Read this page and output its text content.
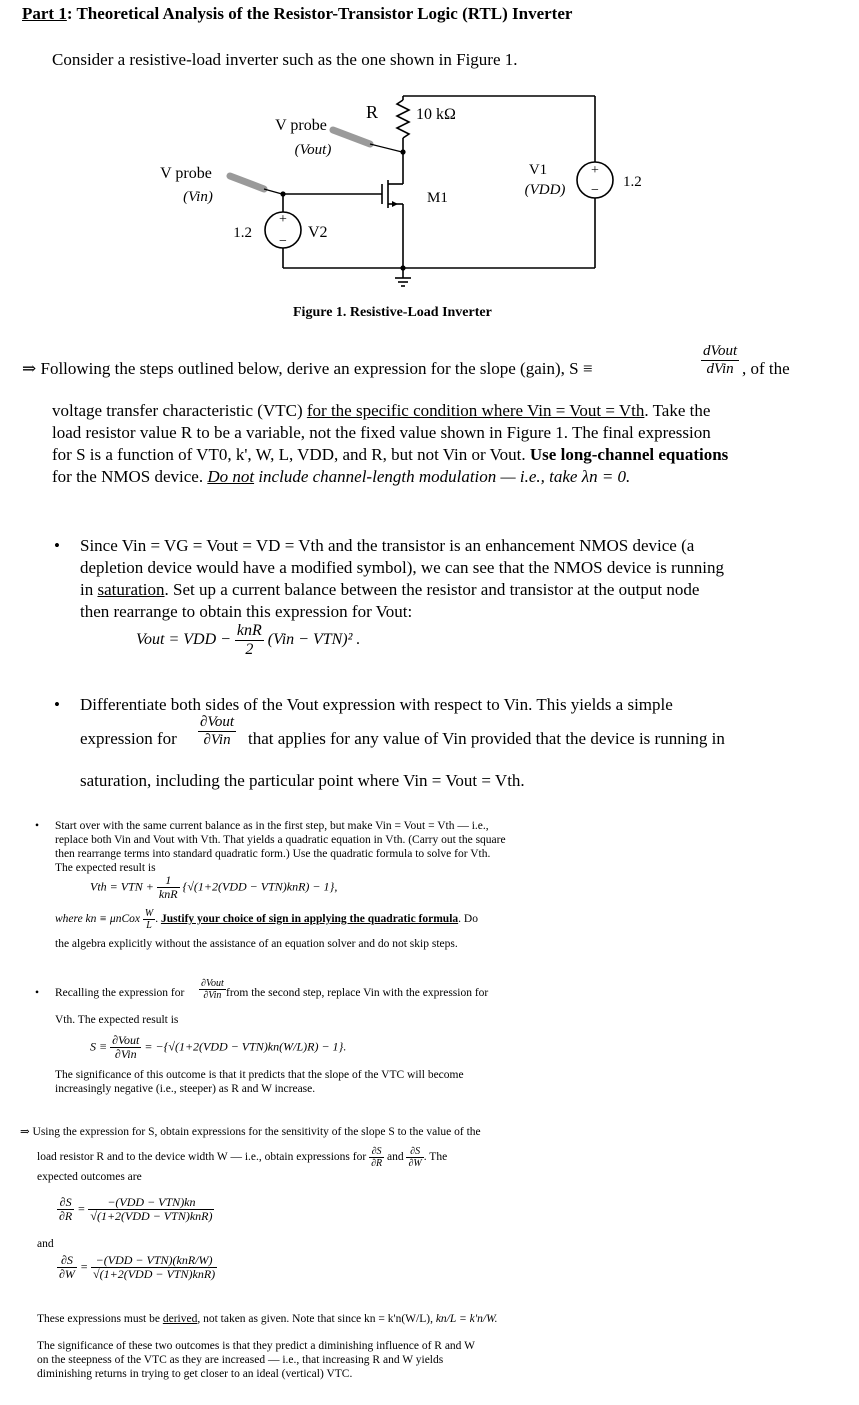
Part 1: Theoretical Analysis of the Resistor-Transistor Logic (RTL) Inverter
Consider a resistive-load inverter such as the one shown in Figure 1.
+
−
+
−
R 10 kΩ
V probe
(Vout)
V probe
(Vin)
V1
(VDD)	1.2
M1
V2
1.2
Figure 1. Resistive-Load Inverter
⇒ Following the steps outlined below, derive an expression for the slope (gain), S ≡	$\frac{\text{dVout}}{\text{dVin}}$ , of the
voltage transfer characteristic (VTC) for the specific condition where Vin = Vout = Vth. Take the
load resistor value R to be a variable, not the fixed value shown in Figure 1. The final expression
for S is a function of VT0, k', W, L, VDD, and R, but not Vin or Vout. Use long-channel equations
for the NMOS device. Do not include channel-length modulation — i.e., take λn = 0.
• Since Vin = VG = Vout = VD = Vth and the transistor is an enhancement NMOS device (a
depletion device would have a modified symbol), we can see that the NMOS device is running
in saturation. Set up a current balance between the resistor and transistor at the output node
then rearrange to obtain this expression for Vout:
Vout = VDD − $\frac{\text{knR}}{2} (Vin - VTN)^2$ .
• Differentiate both sides of the Vout expression with respect to Vin. This yields a simple
expression for $\frac{\text{∂Vout}}{\text{∂Vin}}$ that applies for any value of Vin provided that the device is running in
saturation, including the particular point where Vin = Vout = Vth.
•	Start over with the same current balance as in the first step, but make Vin = Vout = Vth — i.e.,
replace both Vin and Vout with Vth. That yields a quadratic equation in Vth. (Carry out the square
then rearrange terms into standard quadratic form.) Use the quadratic formula to solve for Vth.
The expected result is
Vth = VTN + $\frac{1}{\text{knR}} \{√(1+2(VDD - VTN)knR) - 1\}$,
where kn ≡ μnCox $\frac{W}{L}$ . Justify your choice of sign in applying the quadratic formula. Do
the algebra explicitly without the assistance of an equation solver and do not skip steps.
•	Recalling the expression for $\frac{\text{∂Vout}}{\text{∂Vin}}$ from the second step, replace Vin with the expression for
Vth. The expected result is
$S \equiv \frac{\text{∂Vout}}{\text{∂Vin}} = -\{√(1+2(VDD - VTN)kn(W/L)R) - 1\}$.
The significance of this outcome is that it predicts that the slope of the VTC will become
increasingly negative (i.e., steeper) as R and W increase.
⇒ Using the expression for S, obtain expressions for the sensitivity of the slope S to the value of the
load resistor R and to the device width W — i.e., obtain expressions for $\frac{\partial S}{\partial R}$ and $\frac{\partial S}{\partial W}$ . The
expected outcomes are
$\frac{\partial S}{\partial R} = \frac{\text{−(VDD − VTN)kn}}{\text{√(1+2(VDD − VTN)knR)}}$
and
$\frac{\partial S}{\partial W} = \frac{\text{−(VDD − VTN)(knR/W)}}{\text{√(1+2(VDD − VTN)knR)}}$
These expressions must be derived, not taken as given. Note that since kn = k'n(W/L), kn/L = k'n/W.
The significance of these two outcomes is that they predict a diminishing influence of R and W
on the steepness of the VTC as they are increased — i.e., that increasing R and W yields
diminishing returns in trying to get closer to an ideal (vertical) VTC.
